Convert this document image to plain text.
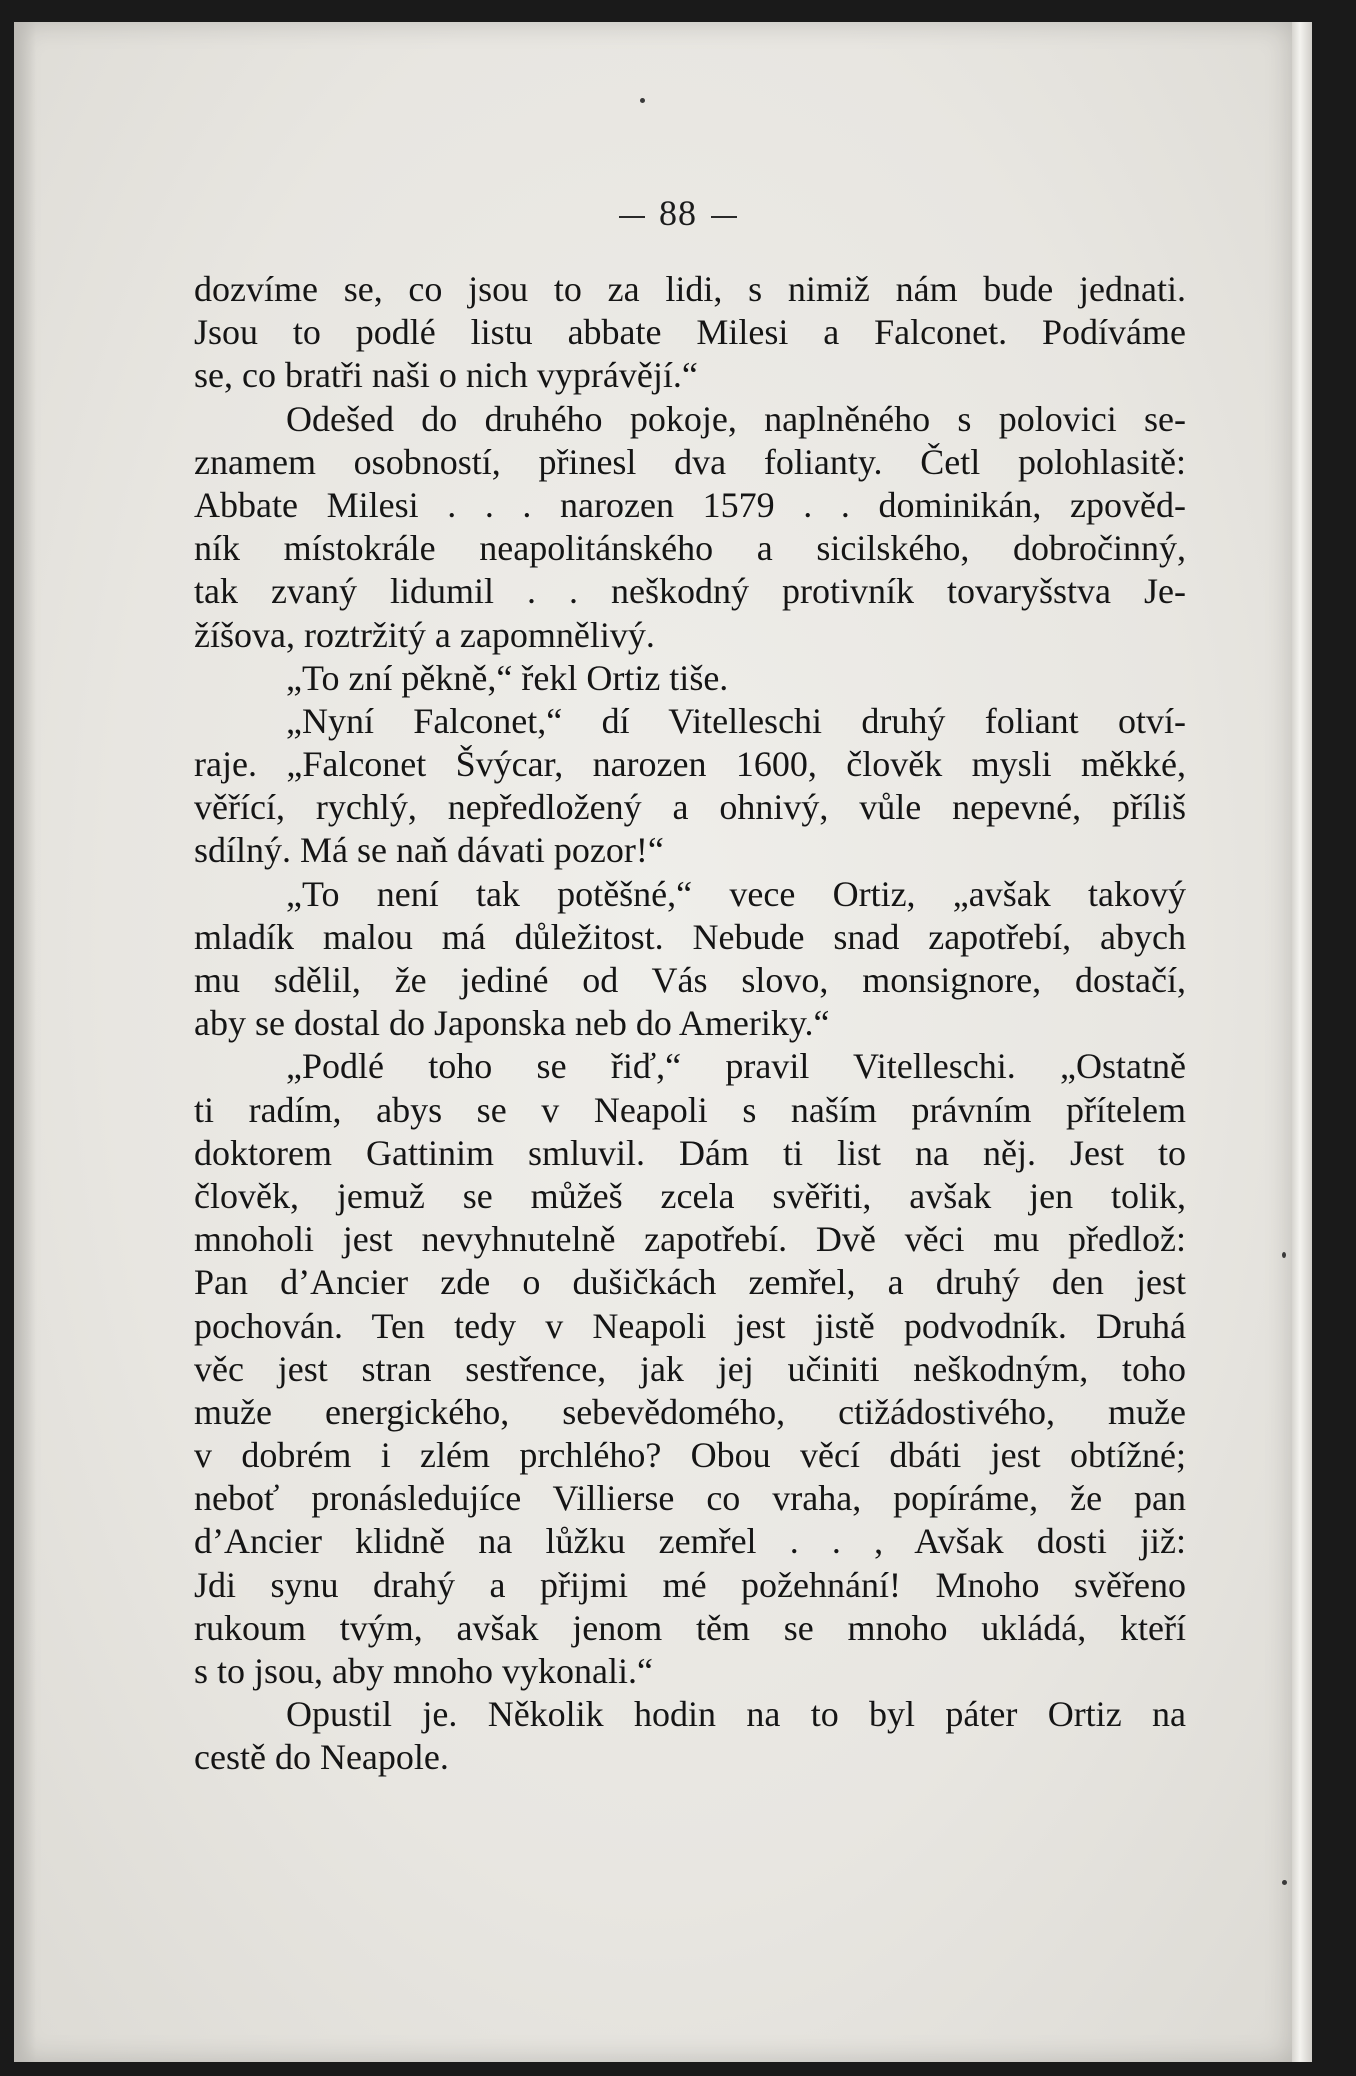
88
dozvíme se, co jsou to za lidi, s nimiž nám bude jednati.
Jsou to podlé listu abbate Milesi a Falconet. Podíváme
se, co bratři naši o nich vyprávějí.“
Odešed do druhého pokoje, naplněného s polovici se-
znamem osobností, přinesl dva folianty. Četl polohlasitě:
Abbate Milesi . . . narozen 1579 . . dominikán, zpověd-
ník místokrále neapolitánského a sicilského, dobročinný,
tak zvaný lidumil . . neškodný protivník tovaryšstva Je-
žíšova, roztržitý a zapomnělivý.
„To zní pěkně,“ řekl Ortiz tiše.
„Nyní Falconet,“ dí Vitelleschi druhý foliant otví-
raje. „Falconet Švýcar, narozen 1600, člověk mysli měkké,
věřící, rychlý, nepředložený a ohnivý, vůle nepevné, příliš
sdílný. Má se naň dávati pozor!“
„To není tak potěšné,“ vece Ortiz, „avšak takový
mladík malou má důležitost. Nebude snad zapotřebí, abych
mu sdělil, že jediné od Vás slovo, monsignore, dostačí,
aby se dostal do Japonska neb do Ameriky.“
„Podlé toho se řiď,“ pravil Vitelleschi. „Ostatně
ti radím, abys se v Neapoli s naším právním přítelem
doktorem Gattinim smluvil. Dám ti list na něj. Jest to
člověk, jemuž se můžeš zcela svěřiti, avšak jen tolik,
mnoholi jest nevyhnutelně zapotřebí. Dvě věci mu předlož:
Pan d’Ancier zde o dušičkách zemřel, a druhý den jest
pochován. Ten tedy v Neapoli jest jistě podvodník. Druhá
věc jest stran sestřence, jak jej učiniti neškodným, toho
muže energického, sebevědomého, ctižádostivého, muže
v dobrém i zlém prchlého? Obou věcí dbáti jest obtížné;
neboť pronásledujíce Villierse co vraha, popíráme, že pan
d’Ancier klidně na lůžku zemřel . . , Avšak dosti již:
Jdi synu drahý a přijmi mé požehnání! Mnoho svěřeno
rukoum tvým, avšak jenom těm se mnoho ukládá, kteří
s to jsou, aby mnoho vykonali.“
Opustil je. Několik hodin na to byl páter Ortiz na
cestě do Neapole.
